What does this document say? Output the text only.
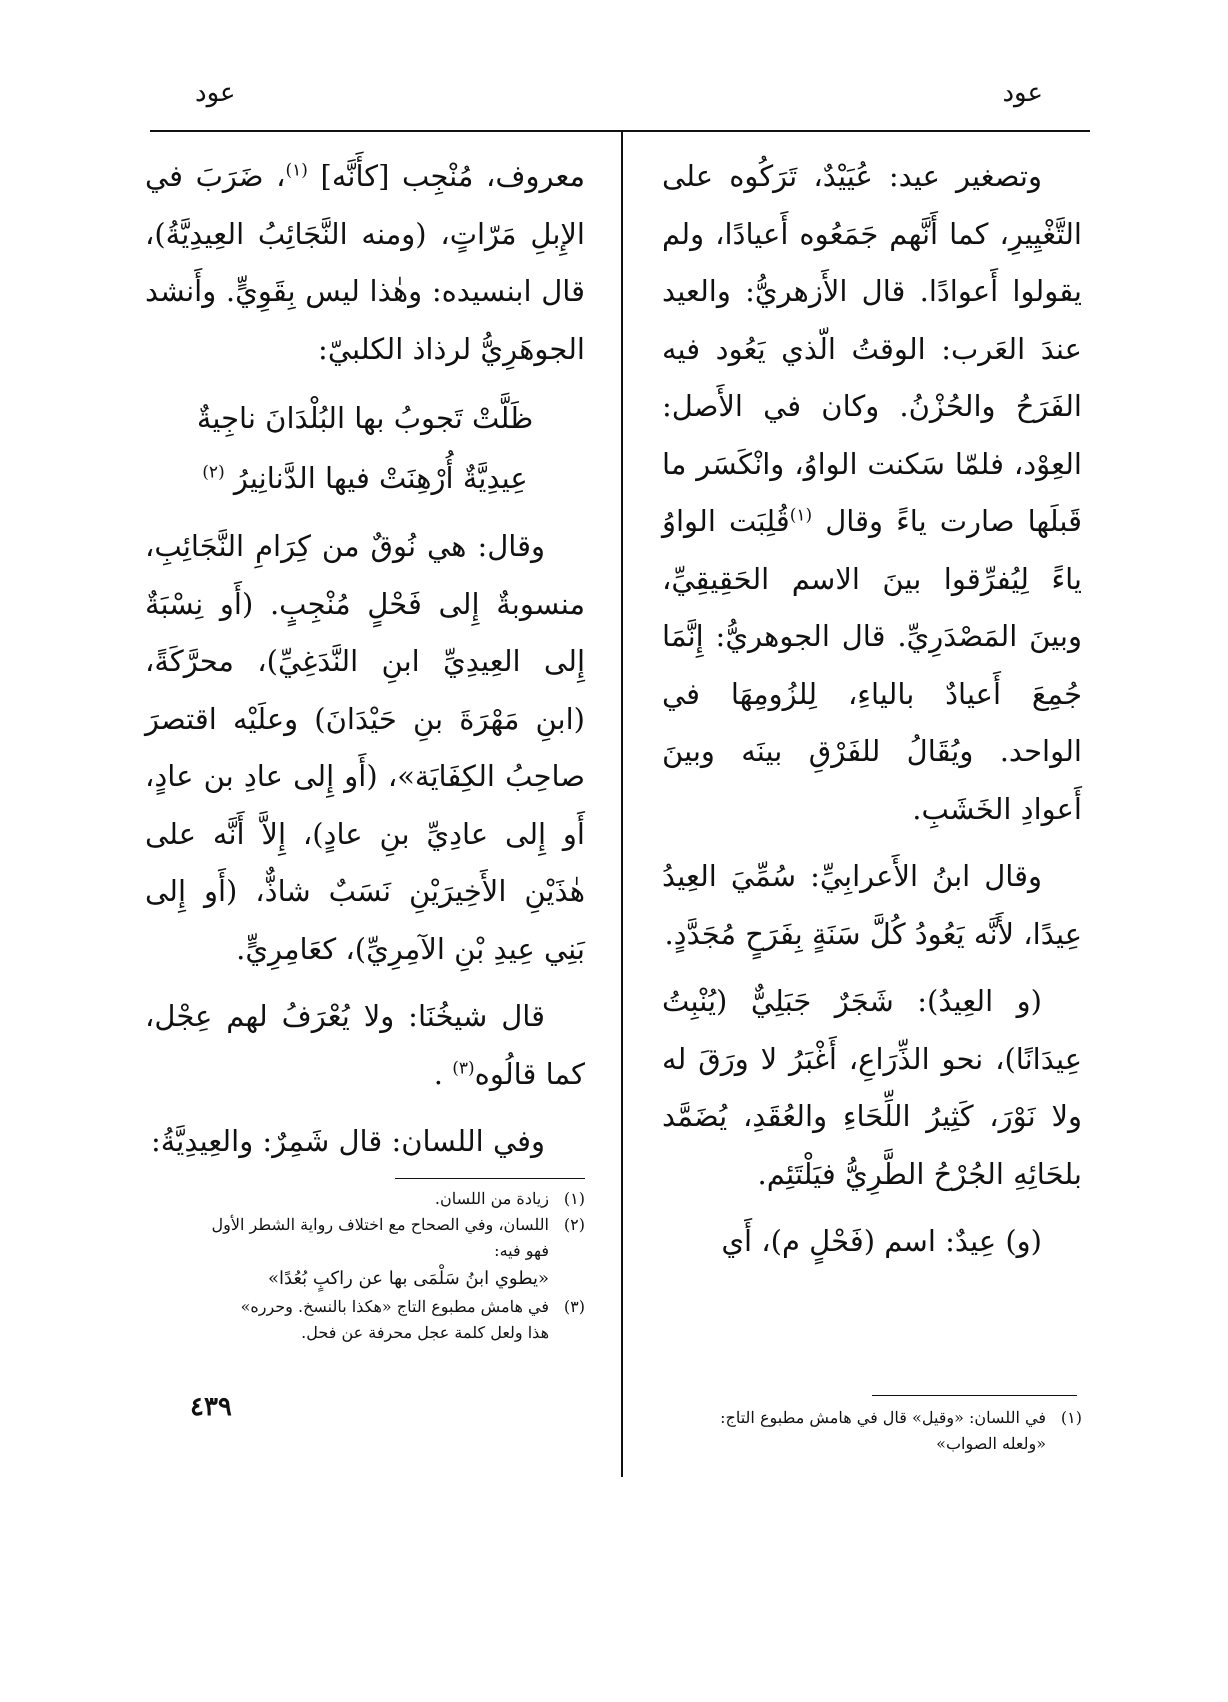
عود
عود

وتصغير عيد: عُيَيْدٌ، تَرَكُوه على التَّغْيِيرِ، كما أَنَّهم جَمَعُوه أَعيادًا، ولم يقولوا أَعوادًا. قال الأَزهريُّ: والعيد عندَ العَرب: الوقتُ الّذي يَعُود فيه الفَرَحُ والحُزْنُ. وكان في الأَصل: العِوْد، فلمّا سَكنت الواوُ، وانْكَسَر ما قَبلَها صارت ياءً وقال $^{(١)}$قُلِبَت الواوُ ياءً لِيُفرِّقوا بينَ الاسم الحَقِيقِيِّ، وبينَ المَصْدَرِيِّ. قال الجوهريُّ: إِنَّمَا جُمِعَ أَعيادٌ بالياءِ، لِلزُومِهَا في الواحد. ويُقَالُ للفَرْقِ بينَه وبينَ أَعوادِ الخَشَبِ.

وقال ابنُ الأَعرابِيِّ: سُمِّيَ العِيدُ عِيدًا، لأَنَّه يَعُودُ كُلَّ سَنَةٍ بِفَرَحٍ مُجَدَّدٍ.

(و العِيدُ): شَجَرٌ جَبَلِيٌّ (يُنْبِتُ عِيدَانًا)، نحو الذِّرَاعِ، أَغْبَرُ لا ورَقَ له ولا نَوْرَ، كَثِيرُ اللِّحَاءِ والعُقَدِ، يُضَمَّد بلحَائِهِ الجُرْحُ الطَّرِيُّ فيَلْتَئِم.

(و) عِيدٌ: اسم (فَحْلٍ م)، أَي

(١)في اللسان: «وقيل» قال في هامش مطبوع التاج:

«ولعله الصواب»

معروف، مُنْجِب [كأَنَّه] $^{(١)}$، ضَرَبَ في الإِبلِ مَرّاتٍ، (ومنه النَّجَائِبُ العِيدِيَّةُ)، قال ابنسيده: وهٰذا ليس بِقَوِيٍّ. وأَنشد الجوهَرِيُّ لرذاذ الكلبيّ:

ظَلَّتْ تَجوبُ بها البُلْدَانَ ناجِيةٌ
عِيدِيَّةٌ أُرْهِنَتْ فيها الدَّنانِيرُ $^{(٢)}$

وقال: هي نُوقٌ من كِرَامِ النَّجَائِبِ، منسوبةٌ إِلى فَحْلٍ مُنْجِبٍ. (أَو نِسْبَةٌ إِلى العِيدِيِّ ابنِ النَّدَغِيِّ)، محرَّكَةً، (ابنِ مَهْرَةَ بنِ حَيْدَانَ) وعلَيْه اقتصرَ صاحِبُ الكِفَايَة»، (أَو إِلى عادِ بن عادٍ، أَو إِلى عادِيِّ بنِ عادٍ)، إِلاَّ أَنَّه على هٰذَيْنِ الأَخِيرَيْنِ نَسَبٌ شاذٌّ، (أَو إِلى بَنِي عِيدِ بْنِ الآمِرِيِّ)، كعَامِرِيٍّ.

قال شيخُنَا: ولا يُعْرَفُ لهم عِجْل، كما قالُوه$^{(٣)}$ .

وفي اللسان: قال شَمِرٌ: والعِيدِيَّةُ:

(١)زيادة من اللسان.

(٢)اللسان، وفي الصحاح مع اختلاف رواية الشطر الأول

فهو فيه:

«يطوي ابنُ سَلْمَى بها عن راكبٍ بُعُدًا»

(٣)في هامش مطبوع التاج «هكذا بالنسخ. وحرره»

هذا ولعل كلمة عجل محرفة عن فحل.

٤٣٩
